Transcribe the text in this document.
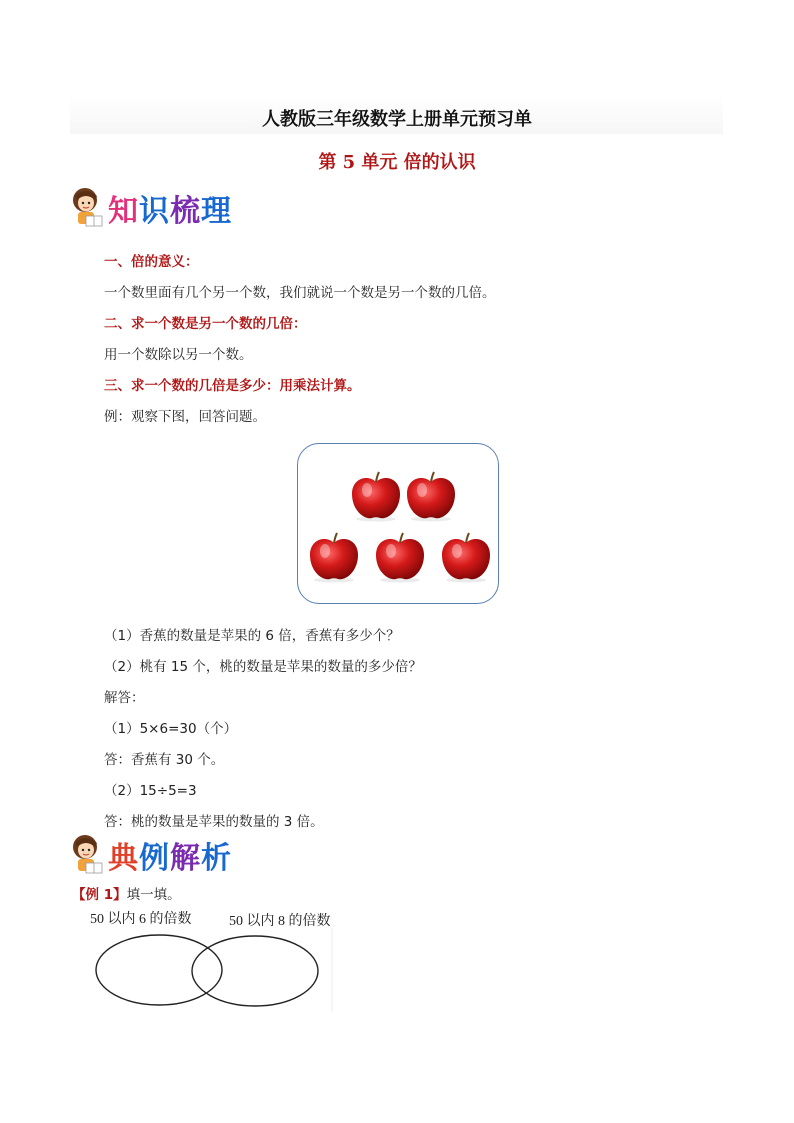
人教版三年级数学上册单元预习单
第 5 单元 倍的认识
知识梳理
一、倍的意义：
一个数里面有几个另一个数，我们就说一个数是另一个数的几倍。
二、求一个数是另一个数的几倍：
用一个数除以另一个数。
三、求一个数的几倍是多少：用乘法计算。
例：观察下图，回答问题。
（1）香蕉的数量是苹果的 6 倍，香蕉有多少个？
（2）桃有 15 个，桃的数量是苹果的数量的多少倍？
解答：
（1）5×6=30（个）
答：香蕉有 30 个。
（2）15÷5=3
答：桃的数量是苹果的数量的 3 倍。
典例解析
【例 1】填一填。
50 以内 6 的倍数	50 以内 8 的倍数
